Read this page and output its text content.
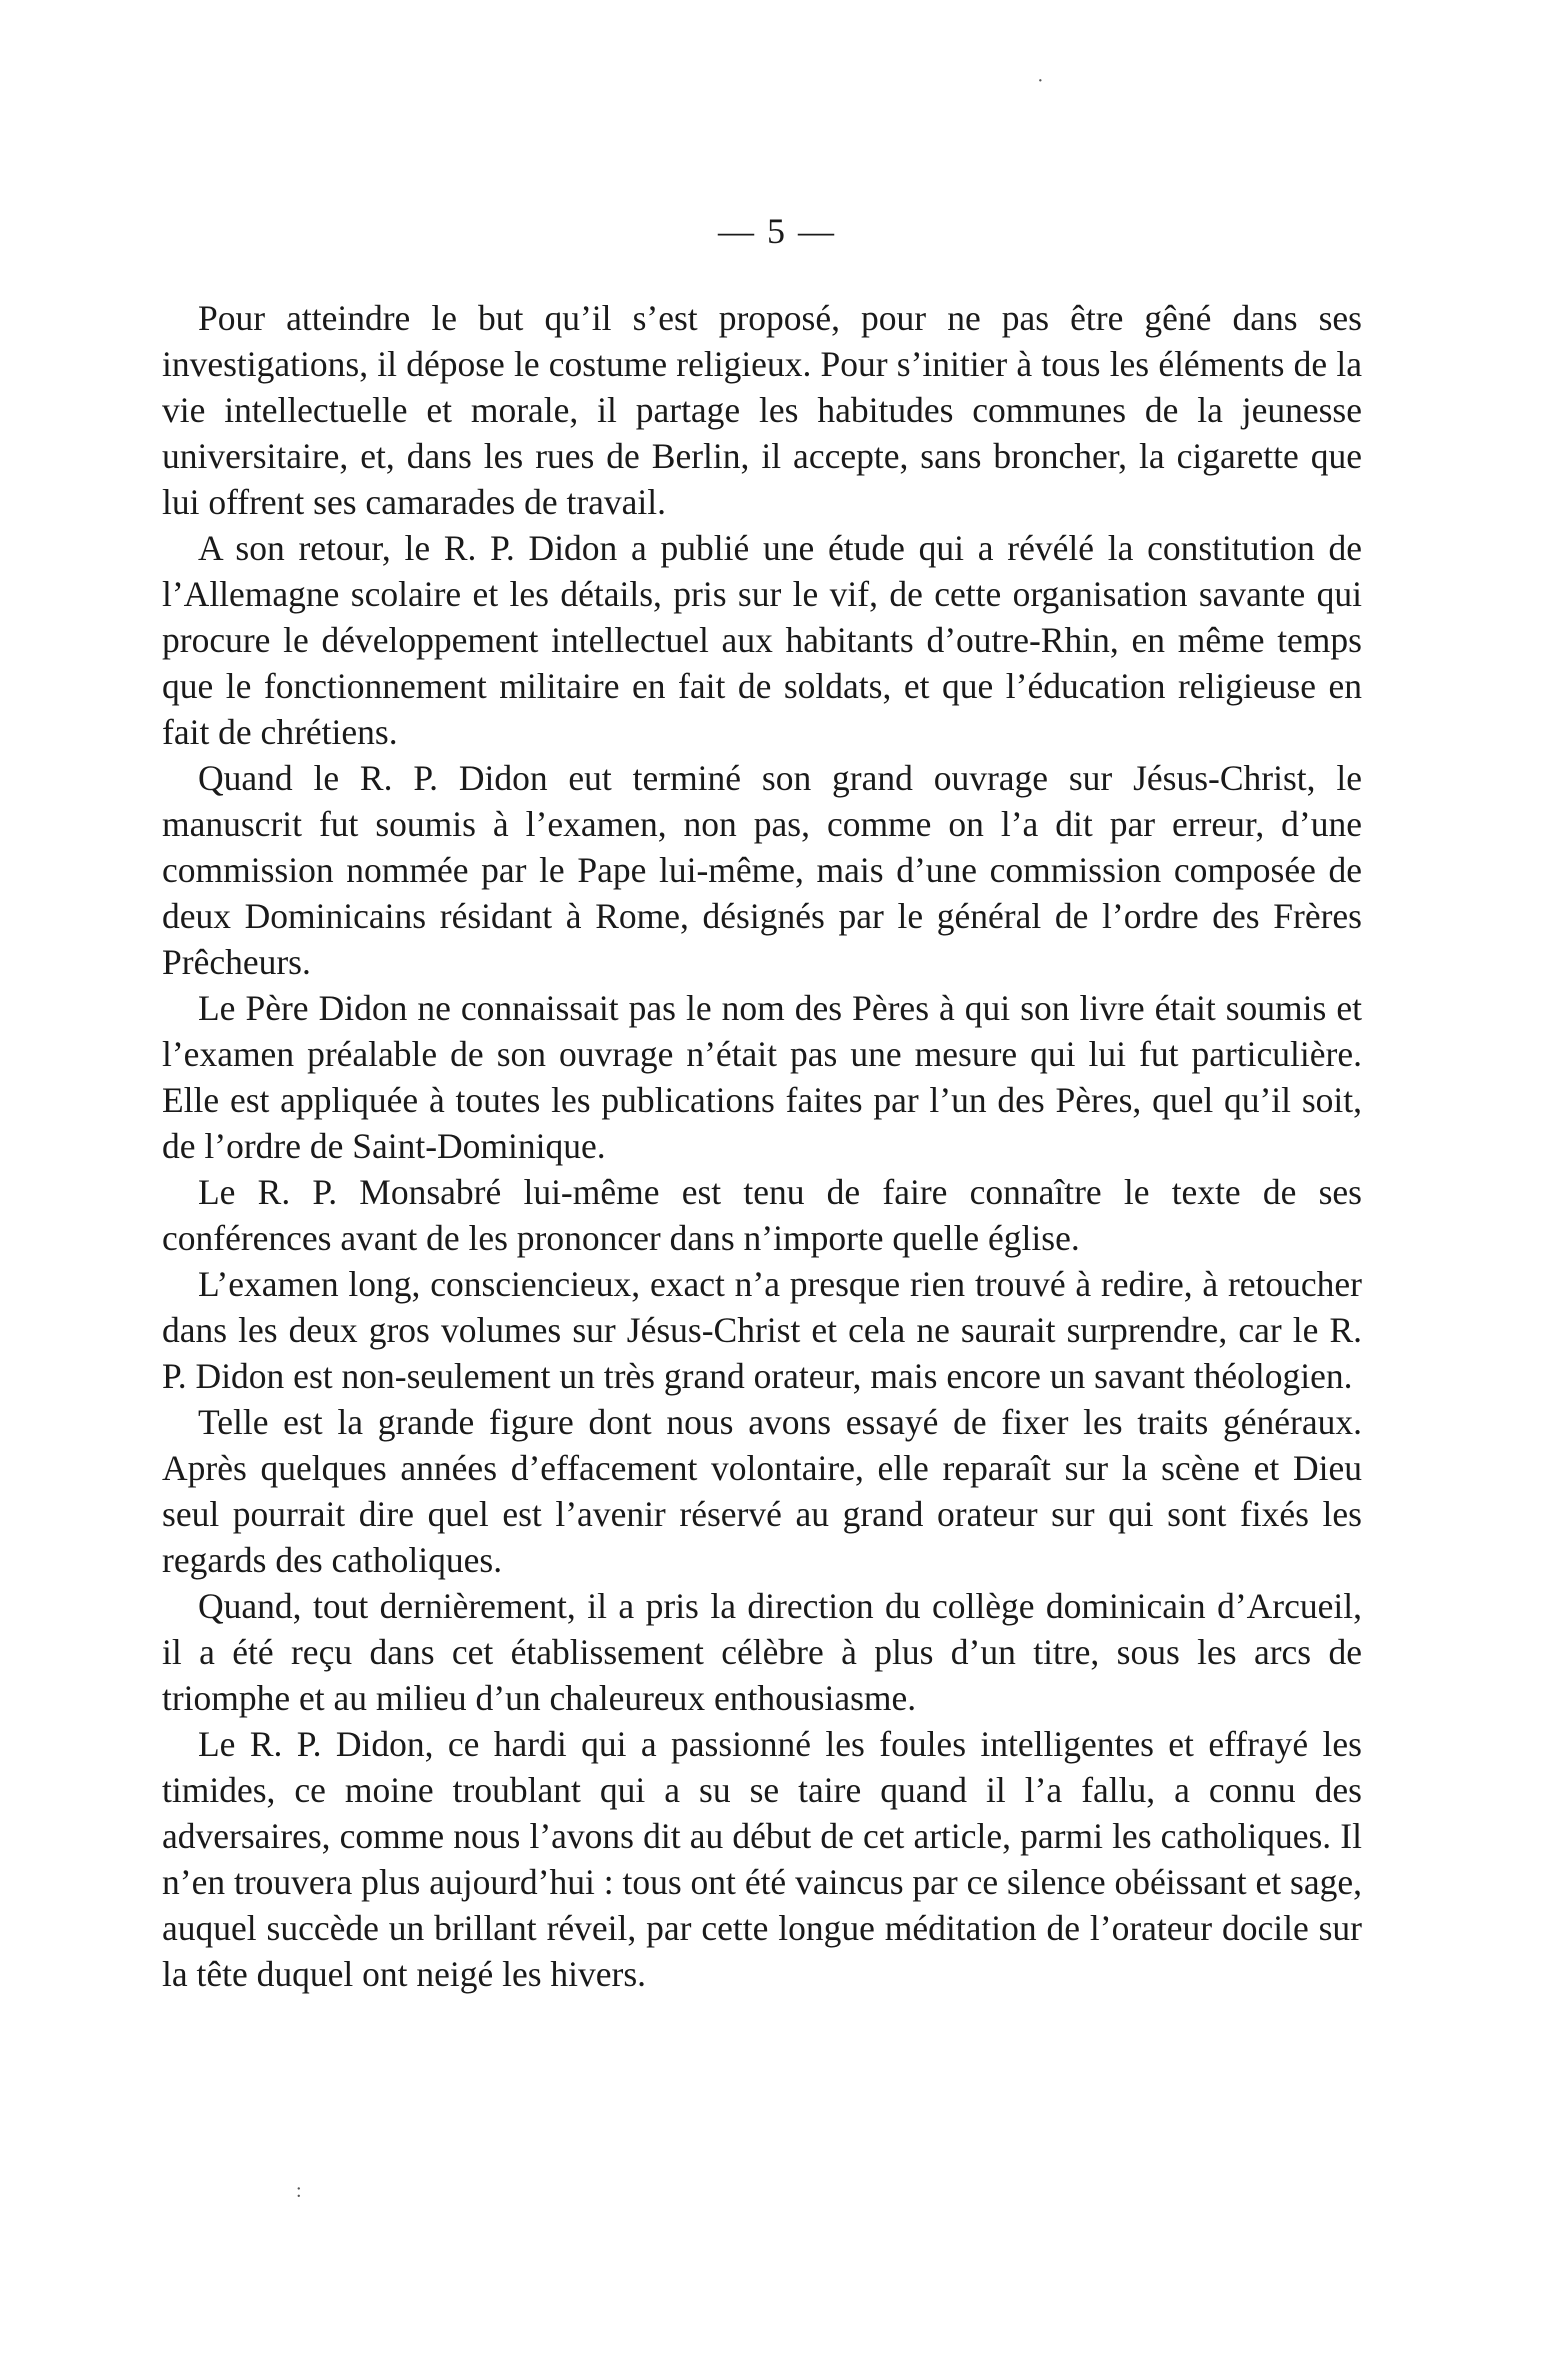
·
— 5 —

Pour atteindre le but qu’il s’est proposé, pour ne pas être gêné dans ses investigations, il dépose le costume religieux. Pour s’initier à tous les éléments de la vie intellectuelle et morale, il partage les habitudes communes de la jeunesse universitaire, et, dans les rues de Berlin, il accepte, sans broncher, la cigarette que lui offrent ses camarades de travail.

A son retour, le R. P. Didon a publié une étude qui a révélé la constitution de l’Allemagne scolaire et les détails, pris sur le vif, de cette organisation savante qui procure le développement intellectuel aux habitants d’outre-Rhin, en même temps que le fonctionnement militaire en fait de soldats, et que l’éducation religieuse en fait de chrétiens.

Quand le R. P. Didon eut terminé son grand ouvrage sur Jésus-Christ, le manuscrit fut soumis à l’examen, non pas, comme on l’a dit par erreur, d’une commission nommée par le Pape lui-même, mais d’une commission composée de deux Dominicains résidant à Rome, désignés par le général de l’ordre des Frères Prêcheurs.

Le Père Didon ne connaissait pas le nom des Pères à qui son livre était soumis et l’examen préalable de son ouvrage n’était pas une mesure qui lui fut particulière. Elle est appliquée à toutes les publications faites par l’un des Pères, quel qu’il soit, de l’ordre de Saint-Dominique.

Le R. P. Monsabré lui-même est tenu de faire connaître le texte de ses conférences avant de les prononcer dans n’importe quelle église.

L’examen long, consciencieux, exact n’a presque rien trouvé à redire, à retoucher dans les deux gros volumes sur Jésus-Christ et cela ne saurait surprendre, car le R. P. Didon est non-seulement un très grand orateur, mais encore un savant théologien.

Telle est la grande figure dont nous avons essayé de fixer les traits généraux. Après quelques années d’effacement volontaire, elle reparaît sur la scène et Dieu seul pourrait dire quel est l’avenir réservé au grand orateur sur qui sont fixés les regards des catholiques.

Quand, tout dernièrement, il a pris la direction du collège dominicain d’Arcueil, il a été reçu dans cet établissement célèbre à plus d’un titre, sous les arcs de triomphe et au milieu d’un chaleureux enthousiasme.

Le R. P. Didon, ce hardi qui a passionné les foules intelligentes et effrayé les timides, ce moine troublant qui a su se taire quand il l’a fallu, a connu des adversaires, comme nous l’avons dit au début de cet article, parmi les catholiques. Il n’en trouvera plus aujourd’hui : tous ont été vaincus par ce silence obéissant et sage, auquel succède un brillant réveil, par cette longue méditation de l’orateur docile sur la tête duquel ont neigé les hivers.

:
